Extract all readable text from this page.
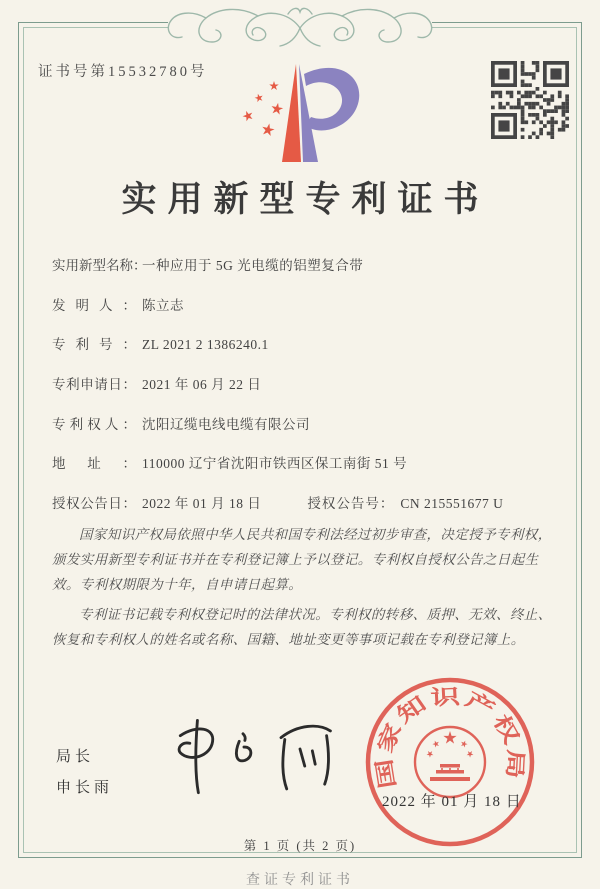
证书号第15532780号
实用新型专利证书
实用新型名称：一种应用于 5G 光电缆的铝塑复合带
发明人： 陈立志
专利号： ZL 2021 2 1386240.1
专利申请日： 2021 年 06 月 22 日
专利权人： 沈阳辽缆电线电缆有限公司
地址： 110000 辽宁省沈阳市铁西区保工南街 51 号
授权公告日： 2022 年 01 月 18 日	授权公告号： CN 215551677 U

国家知识产权局依照中华人民共和国专利法经过初步审查，决定授予专利权，颁发实用新型专利证书并在专利登记簿上予以登记。专利权自授权公告之日起生效。专利权期限为十年，自申请日起算。

专利证书记载专利权登记时的法律状况。专利权的转移、质押、无效、终止、恢复和专利权人的姓名或名称、国籍、地址变更等事项记载在专利登记簿上。

局长
申长雨	国家知识产权局
2022 年 01 月 18 日
第 1 页 (共 2 页)
查证专利证书
